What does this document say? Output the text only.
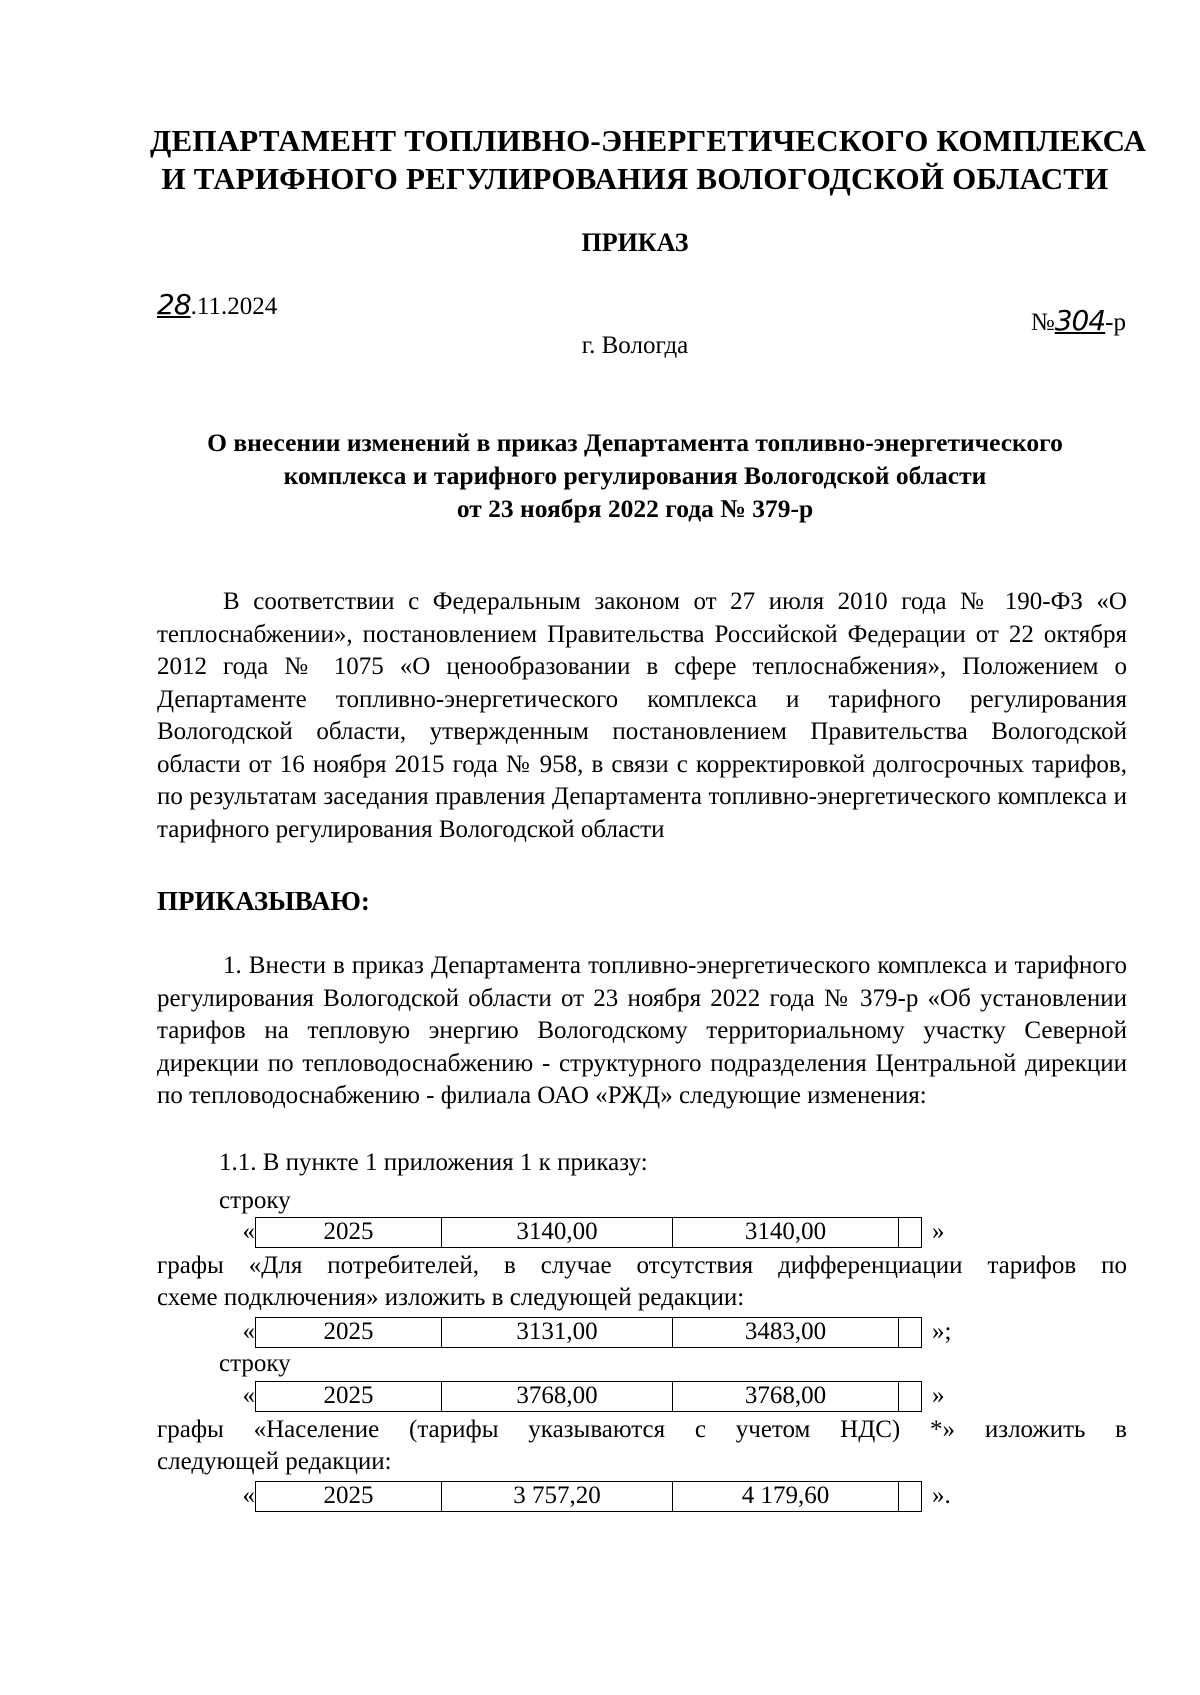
ДЕПАРТАМЕНТ ТОПЛИВНО-ЭНЕРГЕТИЧЕСКОГО КОМПЛЕКСА
И ТАРИФНОГО РЕГУЛИРОВАНИЯ ВОЛОГОДСКОЙ ОБЛАСТИ
ПРИКАЗ
28.11.2024
№304-р
г. Вологда
О внесении изменений в приказ Департамента топливно-энергетического
комплекса и тарифного регулирования Вологодской области
от 23 ноября 2022 года № 379-р
В соответствии с Федеральным законом от 27 июля 2010 года № 190-ФЗ «О теплоснабжении», постановлением Правительства Российской Федерации от 22 октября 2012 года № 1075 «О ценообразовании в сфере теплоснабжения», Положением о Департаменте топливно-энергетического комплекса и тарифного регулирования Вологодской области, утвержденным постановлением Правительства Вологодской области от 16 ноября 2015 года № 958, в связи с корректировкой долгосрочных тарифов, по результатам заседания правления Департамента топливно-энергетического комплекса и тарифного регулирования Вологодской области
ПРИКАЗЫВАЮ:
1. Внести в приказ Департамента топливно-энергетического комплекса и тарифного регулирования Вологодской области от 23 ноября 2022 года № 379-р «Об установлении тарифов на тепловую энергию Вологодскому территориальному участку Северной дирекции по тепловодоснабжению - структурного подразделения Центральной дирекции по тепловодоснабжению - филиала ОАО «РЖД» следующие изменения:
1.1. В пункте 1 приложения 1 к приказу:
строку
«	2025	3140,00	3140,00	»
графы «Для потребителей, в случае отсутствия дифференциации тарифов по
схеме подключения» изложить в следующей редакции:
«	2025	3131,00	3483,00	»;
строку
«	2025	3768,00	3768,00	»
графы «Население (тарифы указываются с учетом НДС) *» изложить в
следующей редакции:
«	2025	3 757,20	4 179,60	».
